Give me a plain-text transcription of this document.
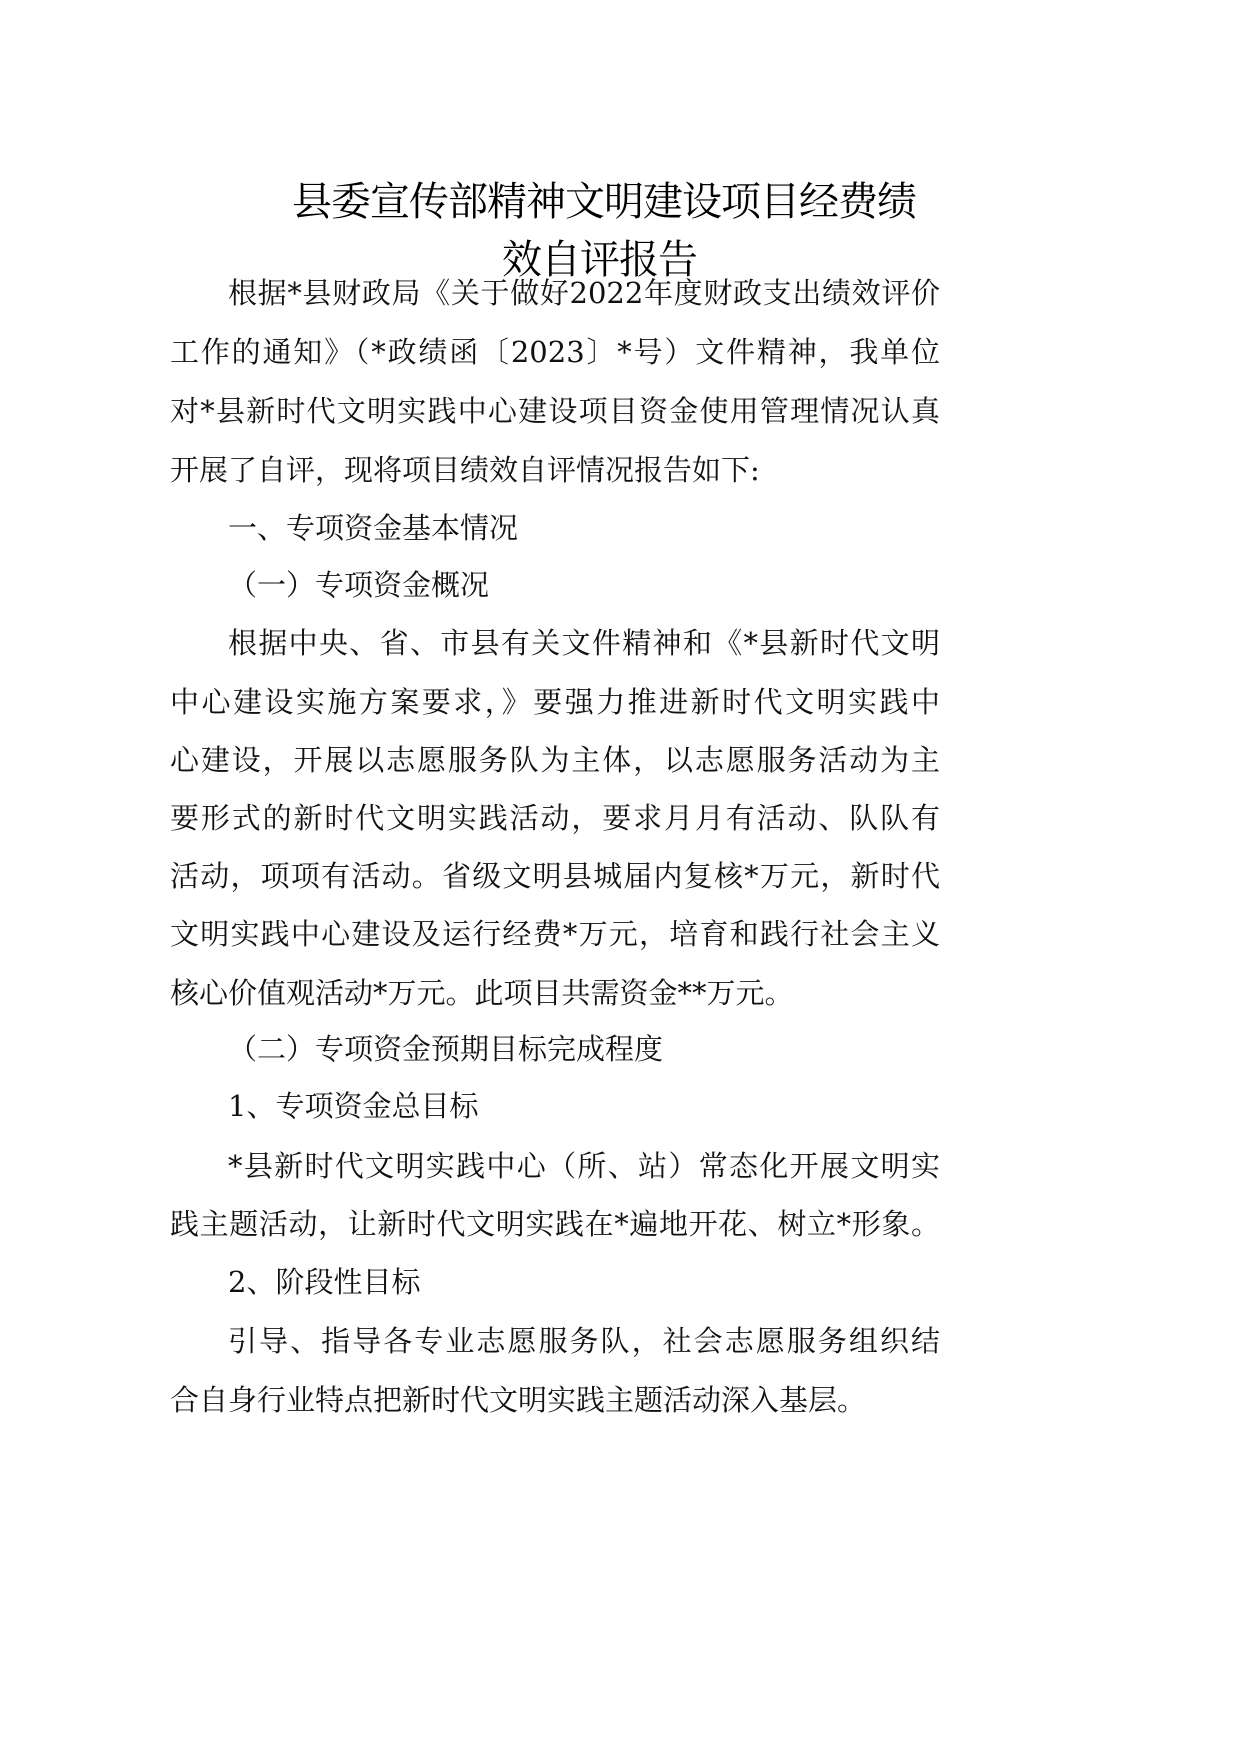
县委宣传部精神文明建设项目经费绩
效自评报告
根据*县财政局《关于做好2022年度财政支出绩效评价
工作的通知》（*政绩函〔2023〕*号）文件精神，我单位
对*县新时代文明实践中心建设项目资金使用管理情况认真
开展了自评，现将项目绩效自评情况报告如下:
一、专项资金基本情况
（一）专项资金概况
根据中央、省、市县有关文件精神和《*县新时代文明
中心建设实施方案要求，》要强力推进新时代文明实践中
心建设，开展以志愿服务队为主体，以志愿服务活动为主
要形式的新时代文明实践活动，要求月月有活动、队队有
活动，项项有活动。省级文明县城届内复核*万元，新时代
文明实践中心建设及运行经费*万元，培育和践行社会主义
核心价值观活动*万元。此项目共需资金**万元。
（二）专项资金预期目标完成程度
1、专项资金总目标
*县新时代文明实践中心（所、站）常态化开展文明实
践主题活动，让新时代文明实践在*遍地开花、树立*形象。
2、阶段性目标
引导、指导各专业志愿服务队，社会志愿服务组织结
合自身行业特点把新时代文明实践主题活动深入基层。
